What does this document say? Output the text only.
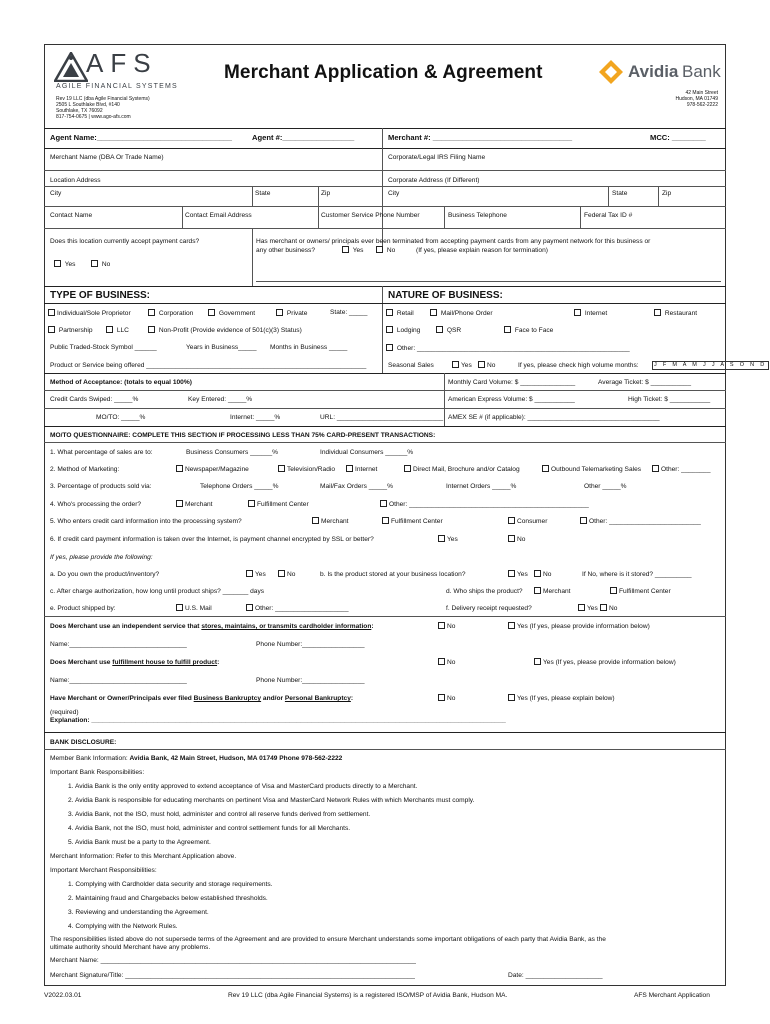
AFS
AGILE FINANCIAL SYSTEMS
Rev 19 LLC (dba Agile Financial Systems)
2505 L Southlake Blvd, #140
Southlake, TX 76092
817-754-0675 | www.ago-afs.com
Merchant Application & Agreement	Avidia Bank
42 Main Street
Hudson, MA 01749
978-562-2222
Agent Name:________________________________	Agent #:_________________	Merchant #: _________________________________	MCC: ________
Merchant Name (DBA Or Trade Name)	Corporate/Legal IRS Filing Name
Location Address	Corporate Address (If Different)
City	State	Zip	City	State	Zip
Contact Name	Contact Email Address	Customer Service Phone Number	Business Telephone	Federal Tax ID #
Does this location currently accept payment cards?
Yes	No
Has merchant or owners/ principals ever been terminated from accepting payment cards from any payment network for this business or
any other business?	Yes	No	(If yes, please explain reason for termination)
TYPE OF BUSINESS:	NATURE OF BUSINESS:
Individual/Sole Proprietor	Corporation	Government	Private	State: _____	Retail	Mail/Phone Order	Internet	Restaurant
Partnership	LLC	Non-Profit (Provide evidence of 501(c)(3) Status)	Lodging	QSR	Face to Face
Public Traded-Stock Symbol ______	Years in Business_____ Months in Business _____	Other: __________________________________________________________
Product or Service being offered ____________________________________________________________	Seasonal Sales	Yes	No	If yes, please check high volume months:	J F M A M J J A S O N D
Method of Acceptance: (totals to equal 100%)	Monthly Card Volume: $ _______________	Average Ticket: $ ___________
Credit Cards Swiped: _____%	Key Entered: _____%	American Express Volume: $ ___________	High Ticket: $ ___________
MO/TO: _____%	Internet: _____%	URL: _____________________________ AMEX SE # (if applicable): ____________________________________
MO/TO QUESTIONNAIRE: COMPLETE THIS SECTION IF PROCESSING LESS THAN 75% CARD-PRESENT TRANSACTIONS:
1. What percentage of sales are to:	Business Consumers ______%	Individual Consumers ______%
2. Method of Marketing:	Newspaper/Magazine	Television/Radio	Internet	Direct Mail, Brochure and/or Catalog	Outbound Telemarketing Sales	Other: ________
3. Percentage of products sold via:	Telephone Orders _____%	Mail/Fax Orders _____%	Internet Orders _____%	Other _____%
4. Who's processing the order?	Merchant	Fulfillment Center	Other: _________________________________________________
5. Who enters credit card information into the processing system?	Merchant	Fulfillment Center	Consumer	Other: _________________________
6. If credit card payment information is taken over the Internet, is payment channel encrypted by SSL or better?	Yes	No
If yes, please provide the following:
a. Do you own the product/inventory?	Yes	No	b. Is the product stored at your business location?	Yes	No	If No, where is it stored? __________
c. After charge authorization, how long until product ships? _______ days	d. Who ships the product?	Merchant	Fulfillment Center
e. Product shipped by:	U.S. Mail	Other: ____________________	f. Delivery receipt requested?	Yes	No
Does Merchant use an independent service that stores, maintains, or transmits cardholder information:	No	Yes (If yes, please provide information below)
Name:________________________________	Phone Number:_________________
Does Merchant use fulfillment house to fulfill product:	No	Yes (If yes, please provide information below)
Name:________________________________	Phone Number:_________________
Have Merchant or Owner/Principals ever filed Business Bankruptcy and/or Personal Bankruptcy:	No	Yes (If yes, please explain below)
(required)
Explanation: _________________________________________________________________________________________________________________
BANK DISCLOSURE:
Member Bank Information: Avidia Bank, 42 Main Street, Hudson, MA 01749 Phone 978-562-2222
Important Bank Responsibilities:
1. Avidia Bank is the only entity approved to extend acceptance of Visa and MasterCard products directly to a Merchant.
2. Avidia Bank is responsible for educating merchants on pertinent Visa and MasterCard Network Rules with which Merchants must comply.
3. Avidia Bank, not the ISO, must hold, administer and control all reserve funds derived from settlement.
4. Avidia Bank, not the ISO, must hold, administer and control settlement funds for all Merchants.
5. Avidia Bank must be a party to the Agreement.
Merchant Information: Refer to this Merchant Application above.
Important Merchant Responsibilities:
1. Complying with Cardholder data security and storage requirements.
2. Maintaining fraud and Chargebacks below established thresholds.
3. Reviewing and understanding the Agreement.
4. Complying with the Network Rules.
The responsibilities listed above do not supersede terms of the Agreement and are provided to ensure Merchant understands some important obligations of each party that Avidia Bank, as the
ultimate authority should Merchant have any problems.
Merchant Name: ______________________________________________________________________________________
Merchant Signature/Title: _______________________________________________________________________________	Date: _____________________
V2022.03.01	Rev 19 LLC (dba Agile Financial Systems) is a registered ISO/MSP of Avidia Bank, Hudson MA.	AFS Merchant Application
